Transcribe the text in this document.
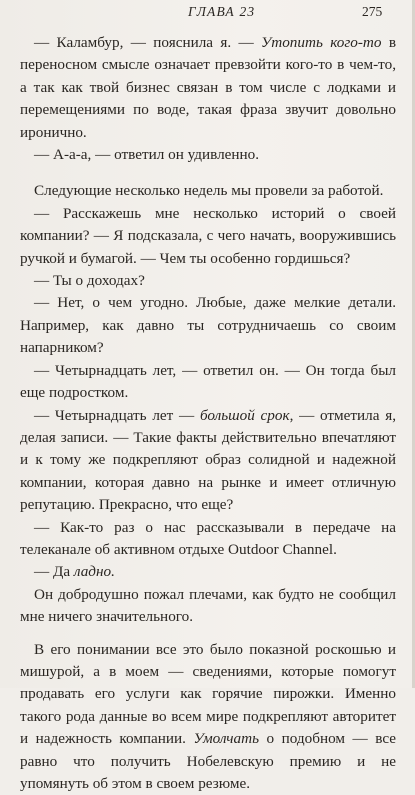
ГЛАВА 23	275

— Каламбур, — пояснила я. — Утопить кого-то в переносном смысле означает превзойти кого-то в чем-то, а так как твой бизнес связан в том числе с лодками и перемещениями по воде, такая фраза звучит довольно иронично.

— А-а-а, — ответил он удивленно.

Следующие несколько недель мы провели за работой.

— Расскажешь мне несколько историй о своей компании? — Я подсказала, с чего начать, вооружившись ручкой и бумагой. — Чем ты особенно гордишься?

— Ты о доходах?

— Нет, о чем угодно. Любые, даже мелкие детали. Например, как давно ты сотрудничаешь со своим напарником?

— Четырнадцать лет, — ответил он. — Он тогда был еще подростком.

— Четырнадцать лет — большой срок, — отметила я, делая записи. — Такие факты действительно впечатляют и к тому же подкрепляют образ солидной и надежной компании, которая давно на рынке и имеет отличную репутацию. Прекрасно, что еще?

— Как-то раз о нас рассказывали в передаче на телеканале об активном отдыхе Outdoor Channel.

— Да ладно.

Он добродушно пожал плечами, как будто не сообщил мне ничего значительного.

В его понимании все это было показной роскошью и мишурой, а в моем — сведениями, которые помогут продавать его услуги как горячие пирожки. Именно такого рода данные во всем мире подкрепляют авторитет и надежность компании. Умолчать о подобном — все равно что получить Нобелевскую премию и не упомянуть об этом в своем резюме.
